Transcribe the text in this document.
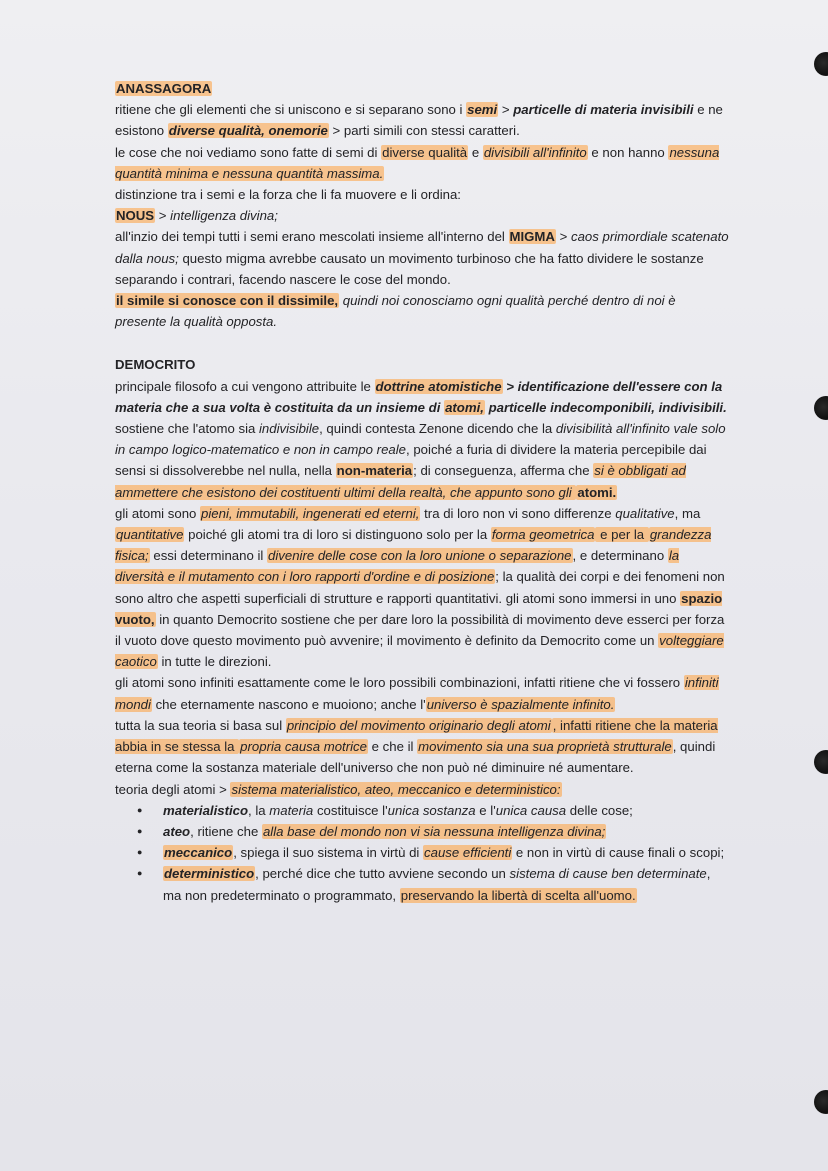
ANASSAGORA

ritiene che gli elementi che si uniscono e si separano sono i semi > particelle di materia invisibili e ne esistono diverse qualità, onemorie > parti simili con stessi caratteri.

le cose che noi vediamo sono fatte di semi di diverse qualità e divisibili all'infinito e non hanno nessuna quantità minima e nessuna quantità massima.

distinzione tra i semi e la forza che li fa muovere e li ordina:

NOUS > intelligenza divina;

all'inzio dei tempi tutti i semi erano mescolati insieme all'interno del MIGMA > caos primordiale scatenato dalla nous; questo migma avrebbe causato un movimento turbinoso che ha fatto dividere le sostanze separando i contrari, facendo nascere le cose del mondo.

il simile si conosce con il dissimile, quindi noi conosciamo ogni qualità perché dentro di noi è presente la qualità opposta.

DEMOCRITO

principale filosofo a cui vengono attribuite le dottrine atomistiche > identificazione dell'essere con la materia che a sua volta è costituita da un insieme di atomi, particelle indecomponibili, indivisibili.

sostiene che l'atomo sia indivisibile, quindi contesta Zenone dicendo che la divisibilità all'infinito vale solo in campo logico-matematico e non in campo reale, poiché a furia di dividere la materia percepibile dai sensi si dissolverebbe nel nulla, nella non-materia; di conseguenza, afferma che si è obbligati ad ammettere che esistono dei costituenti ultimi della realtà, che appunto sono gli atomi.

gli atomi sono pieni, immutabili, ingenerati ed eterni, tra di loro non vi sono differenze qualitative, ma quantitative poiché gli atomi tra di loro si distinguono solo per la forma geometrica e per la grandezza fisica; essi determinano il divenire delle cose con la loro unione o separazione, e determinano la diversità e il mutamento con i loro rapporti d'ordine e di posizione; la qualità dei corpi e dei fenomeni non sono altro che aspetti superficiali di strutture e rapporti quantitativi. gli atomi sono immersi in uno spazio vuoto, in quanto Democrito sostiene che per dare loro la possibilità di movimento deve esserci per forza il vuoto dove questo movimento può avvenire; il movimento è definito da Democrito come un volteggiare caotico in tutte le direzioni.

gli atomi sono infiniti esattamente come le loro possibili combinazioni, infatti ritiene che vi fossero infiniti mondi che eternamente nascono e muoiono; anche l'universo è spazialmente infinito.

tutta la sua teoria si basa sul principio del movimento originario degli atomi , infatti ritiene che la materia abbia in se stessa la propria causa motrice e che il movimento sia una sua proprietà strutturale, quindi eterna come la sostanza materiale dell'universo che non può né diminuire né aumentare.

teoria degli atomi > sistema materialistico, ateo, meccanico e deterministico:

● materialistico, la materia costituisce l'unica sostanza e l'unica causa delle cose;
● ateo, ritiene che alla base del mondo non vi sia nessuna intelligenza divina;
● meccanico, spiega il suo sistema in virtù di cause efficienti e non in virtù di cause finali o scopi;
● deterministico, perché dice che tutto avviene secondo un sistema di cause ben determinate, ma non predeterminato o programmato, preservando la libertà di scelta all'uomo.
